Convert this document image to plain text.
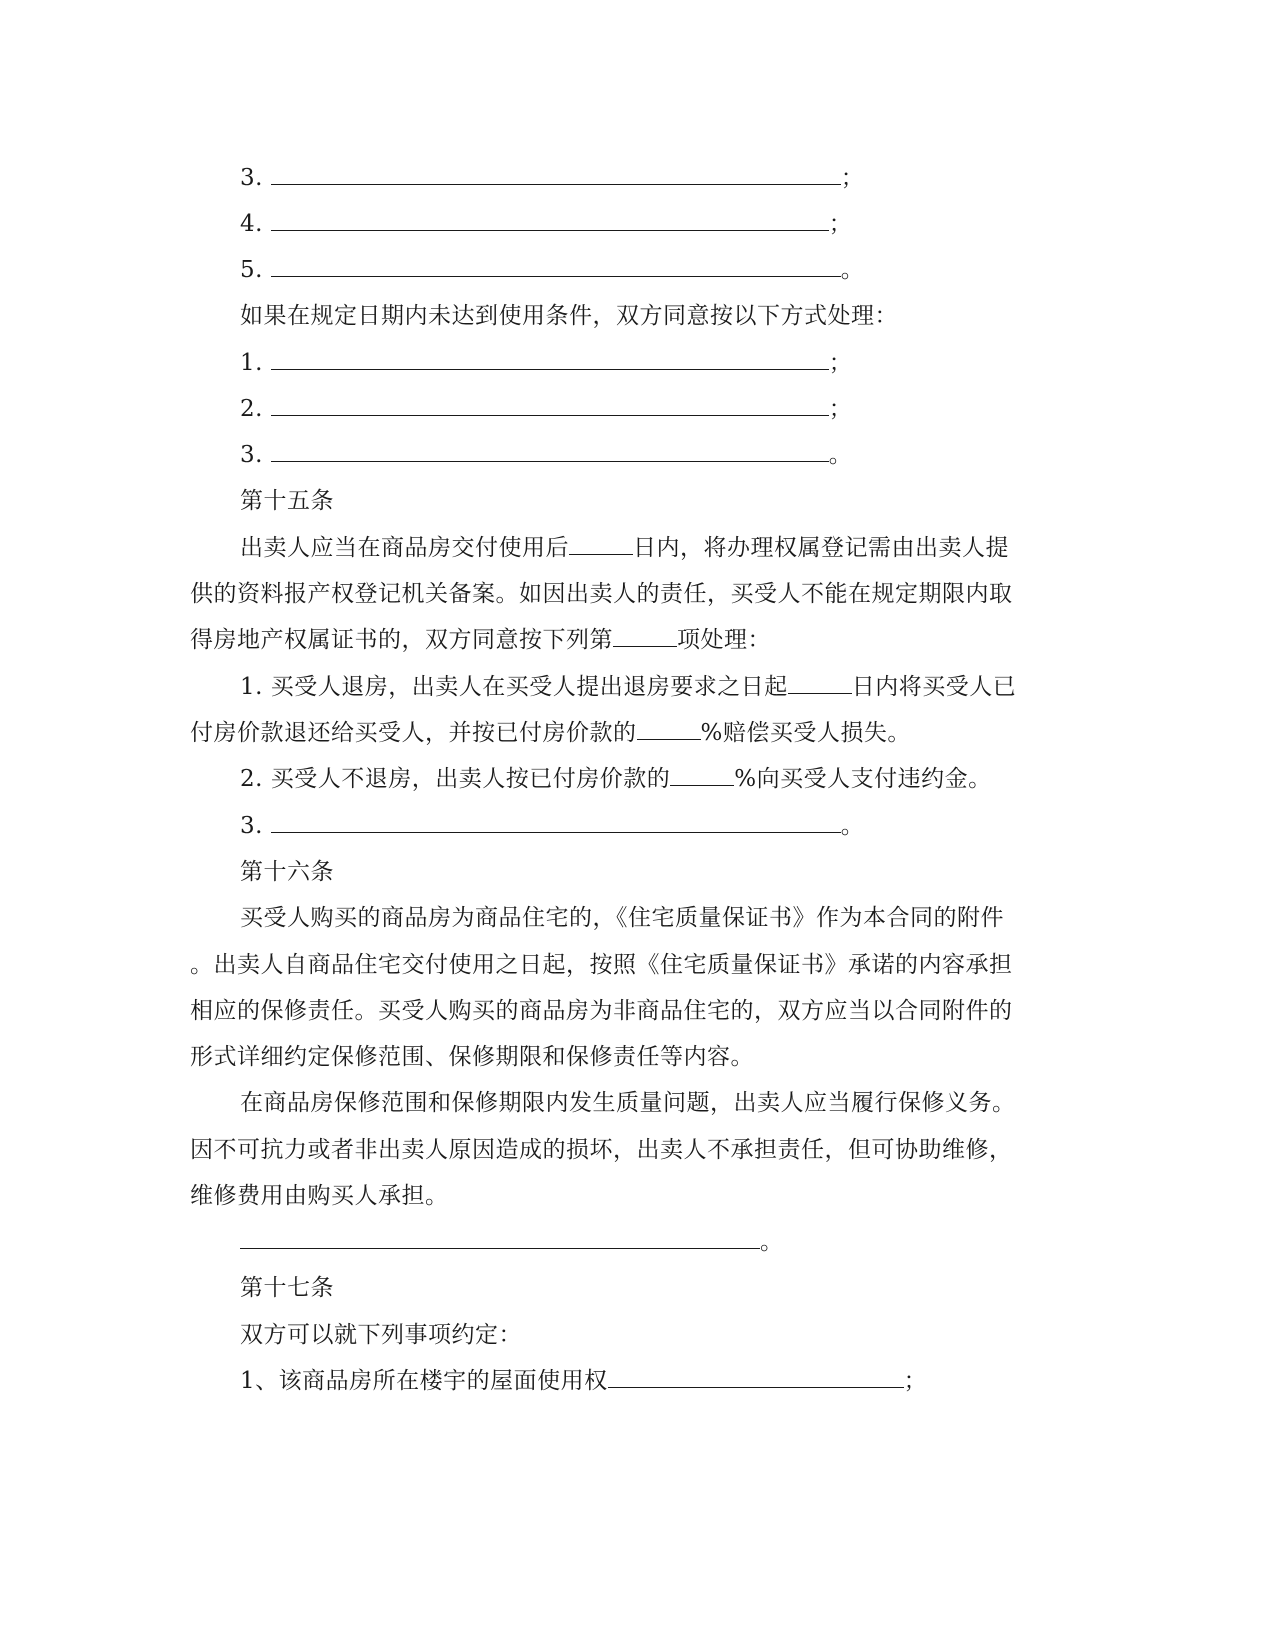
3.	；
4.	；
5.	。
如果在规定日期内未达到使用条件，双方同意按以下方式处理：
1.	；
2.	；
3.	。
第十五条
出卖人应当在商品房交付使用后	日内，将办理权属登记需由出卖人提
供的资料报产权登记机关备案。如因出卖人的责任，买受人不能在规定期限内取
得房地产权属证书的，双方同意按下列第	项处理：
1. 买受人退房，出卖人在买受人提出退房要求之日起	日内将买受人已
付房价款退还给买受人，并按已付房价款的	%赔偿买受人损失。
2. 买受人不退房，出卖人按已付房价款的	%向买受人支付违约金。
3.	。
第十六条
买受人购买的商品房为商品住宅的，《住宅质量保证书》作为本合同的附件
。出卖人自商品住宅交付使用之日起，按照《住宅质量保证书》承诺的内容承担
相应的保修责任。买受人购买的商品房为非商品住宅的，双方应当以合同附件的
形式详细约定保修范围、保修期限和保修责任等内容。
在商品房保修范围和保修期限内发生质量问题，出卖人应当履行保修义务。
因不可抗力或者非出卖人原因造成的损坏，出卖人不承担责任，但可协助维修，
维修费用由购买人承担。
。
第十七条
双方可以就下列事项约定：
1、该商品房所在楼宇的屋面使用权	；
